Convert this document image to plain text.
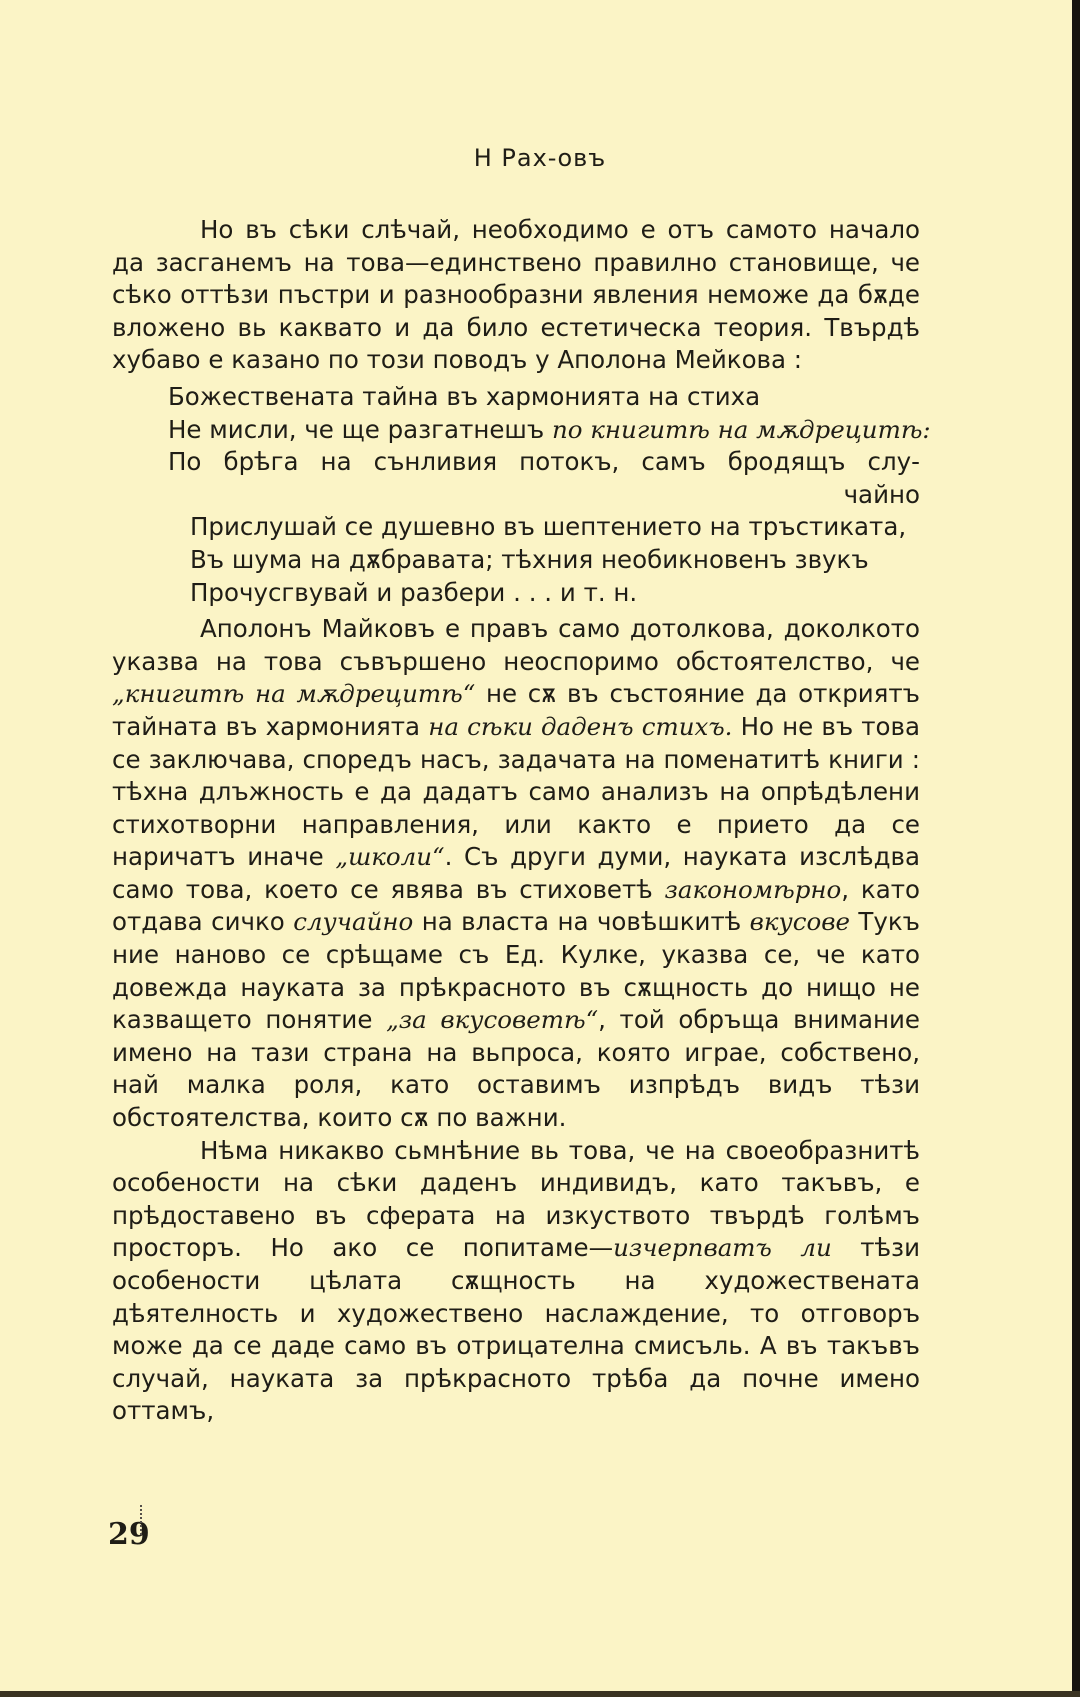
Н Рах-овъ

Но въ сѣки слѣчай, необходимо е отъ самото начало да засганемъ на това—единствено правилно становище, че сѣко оттѣзи пъстри и разнообразни явления неможе да бѫде вложено вь каквато и да било естетическа теория. Твърдѣ хубаво е казано по този поводъ у Аполона Мейкова :

Божествената тайна въ хармонията на стиха
Не мисли, че ще разгатнешъ по книгитѣ на мѫдрецитѣ:
По брѣга на сънливия потокъ, самъ бродящъ слу-
чайно
Прислушай се душевно въ шептението на тръстиката,
Въ шума на дѫбравата; тѣхния необикновенъ звукъ
Прочусгвувай и разбери . . . и т. н.

Аполонъ Майковъ е правъ само дотолкова, доколкото указва на това съвършено неоспоримо обстоятелство, че „книгитѣ на мѫдрецитѣ“ не сѫ въ състояние да откриятъ тайната въ хармонията на сѣки даденъ стихъ. Но не въ това се заключава, спoредъ насъ, задачата на поменатитѣ книги : тѣхна длъжность е да дадатъ само анализъ на опрѣдѣлени стихотворни направления, или както е прието да се наричатъ иначе „школи“. Съ други думи, науката изслѣдва само това, което се явява въ стиховетѣ закономѣрно, като отдава сичко случайно на власта на човѣшкитѣ вкусове Тукъ ние наново се срѣщаме съ Ед. Кулке, указва се, че като довежда науката за прѣкрасното въ сѫщность до нищо не казващето понятие „за вкусоветѣ“, той обръща внимание имено на тази страна на вьпроса, която играе, собствено, най малка роля, като оставимъ изпрѣдъ видъ тѣзи обстоятелства, които сѫ по важни.

Нѣма никакво сьмнѣние вь това, че на своеобразнитѣ особености на сѣки даденъ индивидъ, като такъвъ, е прѣдоставено въ сферата на изкуството твърдѣ голѣмъ просторъ. Но ако се попитаме—изчерпватъ ли тѣзи особености цѣлата сѫщность на художествената дѣятелность и художествено наслаждение, то отговоръ може да се даде само въ отрицателна смисъль. А въ такъвъ случай, науката за прѣкрасното трѣба да почне имено оттамъ,

29
